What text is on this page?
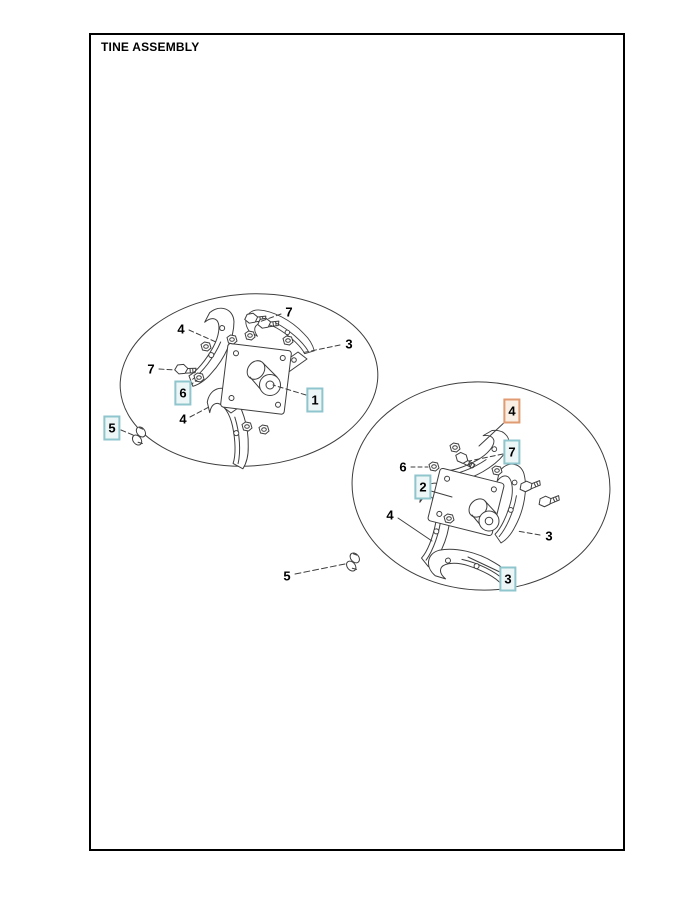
TINE ASSEMBLY
4
7
3
7
6	1
4
5
5
4
7
6
2
4
3
3
